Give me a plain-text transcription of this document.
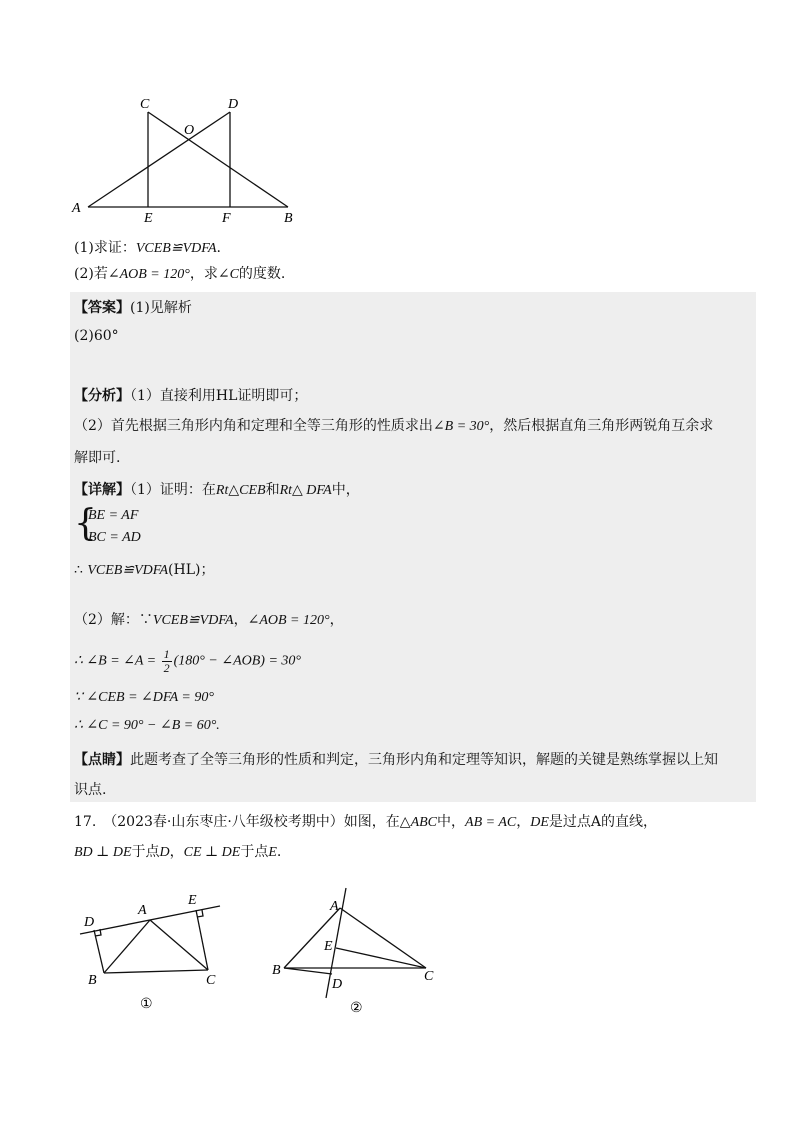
C	D
O
A
E	F	B
(1)求证：VCEB≌VDFA.
(2)若∠AOB = 120°，求∠C的度数.
【答案】(1)见解析
(2)60°
【分析】（1）直接利用HL证明即可；
（2）首先根据三角形内角和定理和全等三角形的性质求出∠B = 30°，然后根据直角三角形两锐角互余求
解即可.
【详解】（1）证明：在Rt△CEB和Rt△ DFA中，
{
BE = AF
BC = AD
∴ VCEB≌VDFA(HL)；
（2）解：∵VCEB≌VDFA，∠AOB = 120°，
∴ ∠B = ∠A = $\frac{1}{2} (180^\circ$ − ∠AOB) = 30°
∵ ∠CEB = ∠DFA = 90°
∴ ∠C = 90° − ∠B = 60°.
【点睛】此题考查了全等三角形的性质和判定，三角形内角和定理等知识，解题的关键是熟练掌握以上知
识点.
17.　（2023春·山东枣庄·八年级校考期中）如图，在△ABC中，AB = AC，DE是过点A的直线，
BD ⊥ DE于点D，CE ⊥ DE于点E.
D
A
E
B	C
①
A
E
B
D
C
②
